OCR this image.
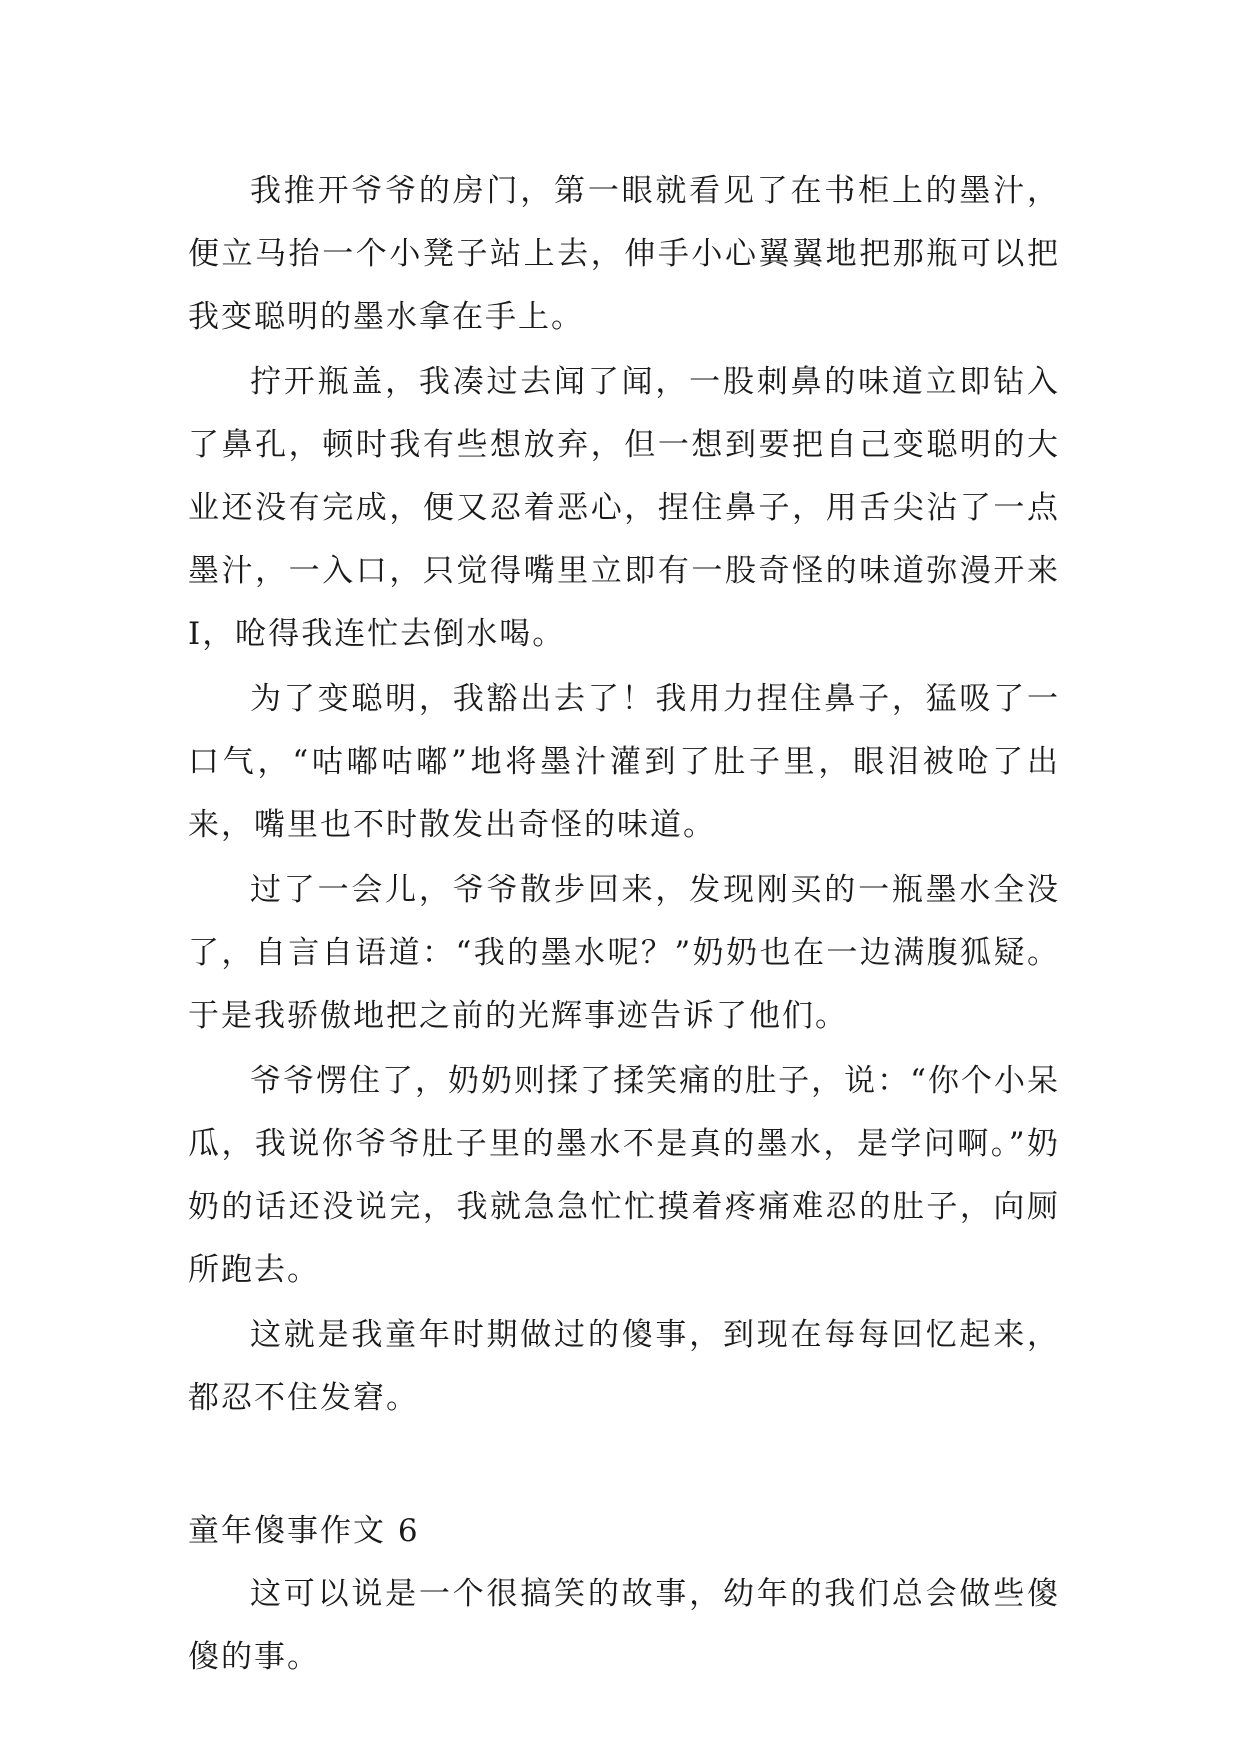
我推开爷爷的房门，第一眼就看见了在书柜上的墨汁，便立马抬一个小凳子站上去，伸手小心翼翼地把那瓶可以把我变聪明的墨水拿在手上。

拧开瓶盖，我凑过去闻了闻，一股刺鼻的味道立即钻入了鼻孔，顿时我有些想放弃，但一想到要把自己变聪明的大业还没有完成，便又忍着恶心，捏住鼻子，用舌尖沾了一点墨汁，一入口，只觉得嘴里立即有一股奇怪的味道弥漫开来I，呛得我连忙去倒水喝。

为了变聪明，我豁出去了！我用力捏住鼻子，猛吸了一口气，“咕嘟咕嘟”地将墨汁灌到了肚子里，眼泪被呛了出来，嘴里也不时散发出奇怪的味道。

过了一会儿，爷爷散步回来，发现刚买的一瓶墨水全没了，自言自语道：“我的墨水呢？”奶奶也在一边满腹狐疑。于是我骄傲地把之前的光辉事迹告诉了他们。

爷爷愣住了，奶奶则揉了揉笑痛的肚子，说：“你个小呆瓜，我说你爷爷肚子里的墨水不是真的墨水，是学问啊。”奶奶的话还没说完，我就急急忙忙摸着疼痛难忍的肚子，向厕所跑去。

这就是我童年时期做过的傻事，到现在每每回忆起来，都忍不住发窘。

童年傻事作文 6

这可以说是一个很搞笑的故事，幼年的我们总会做些傻傻的事。
